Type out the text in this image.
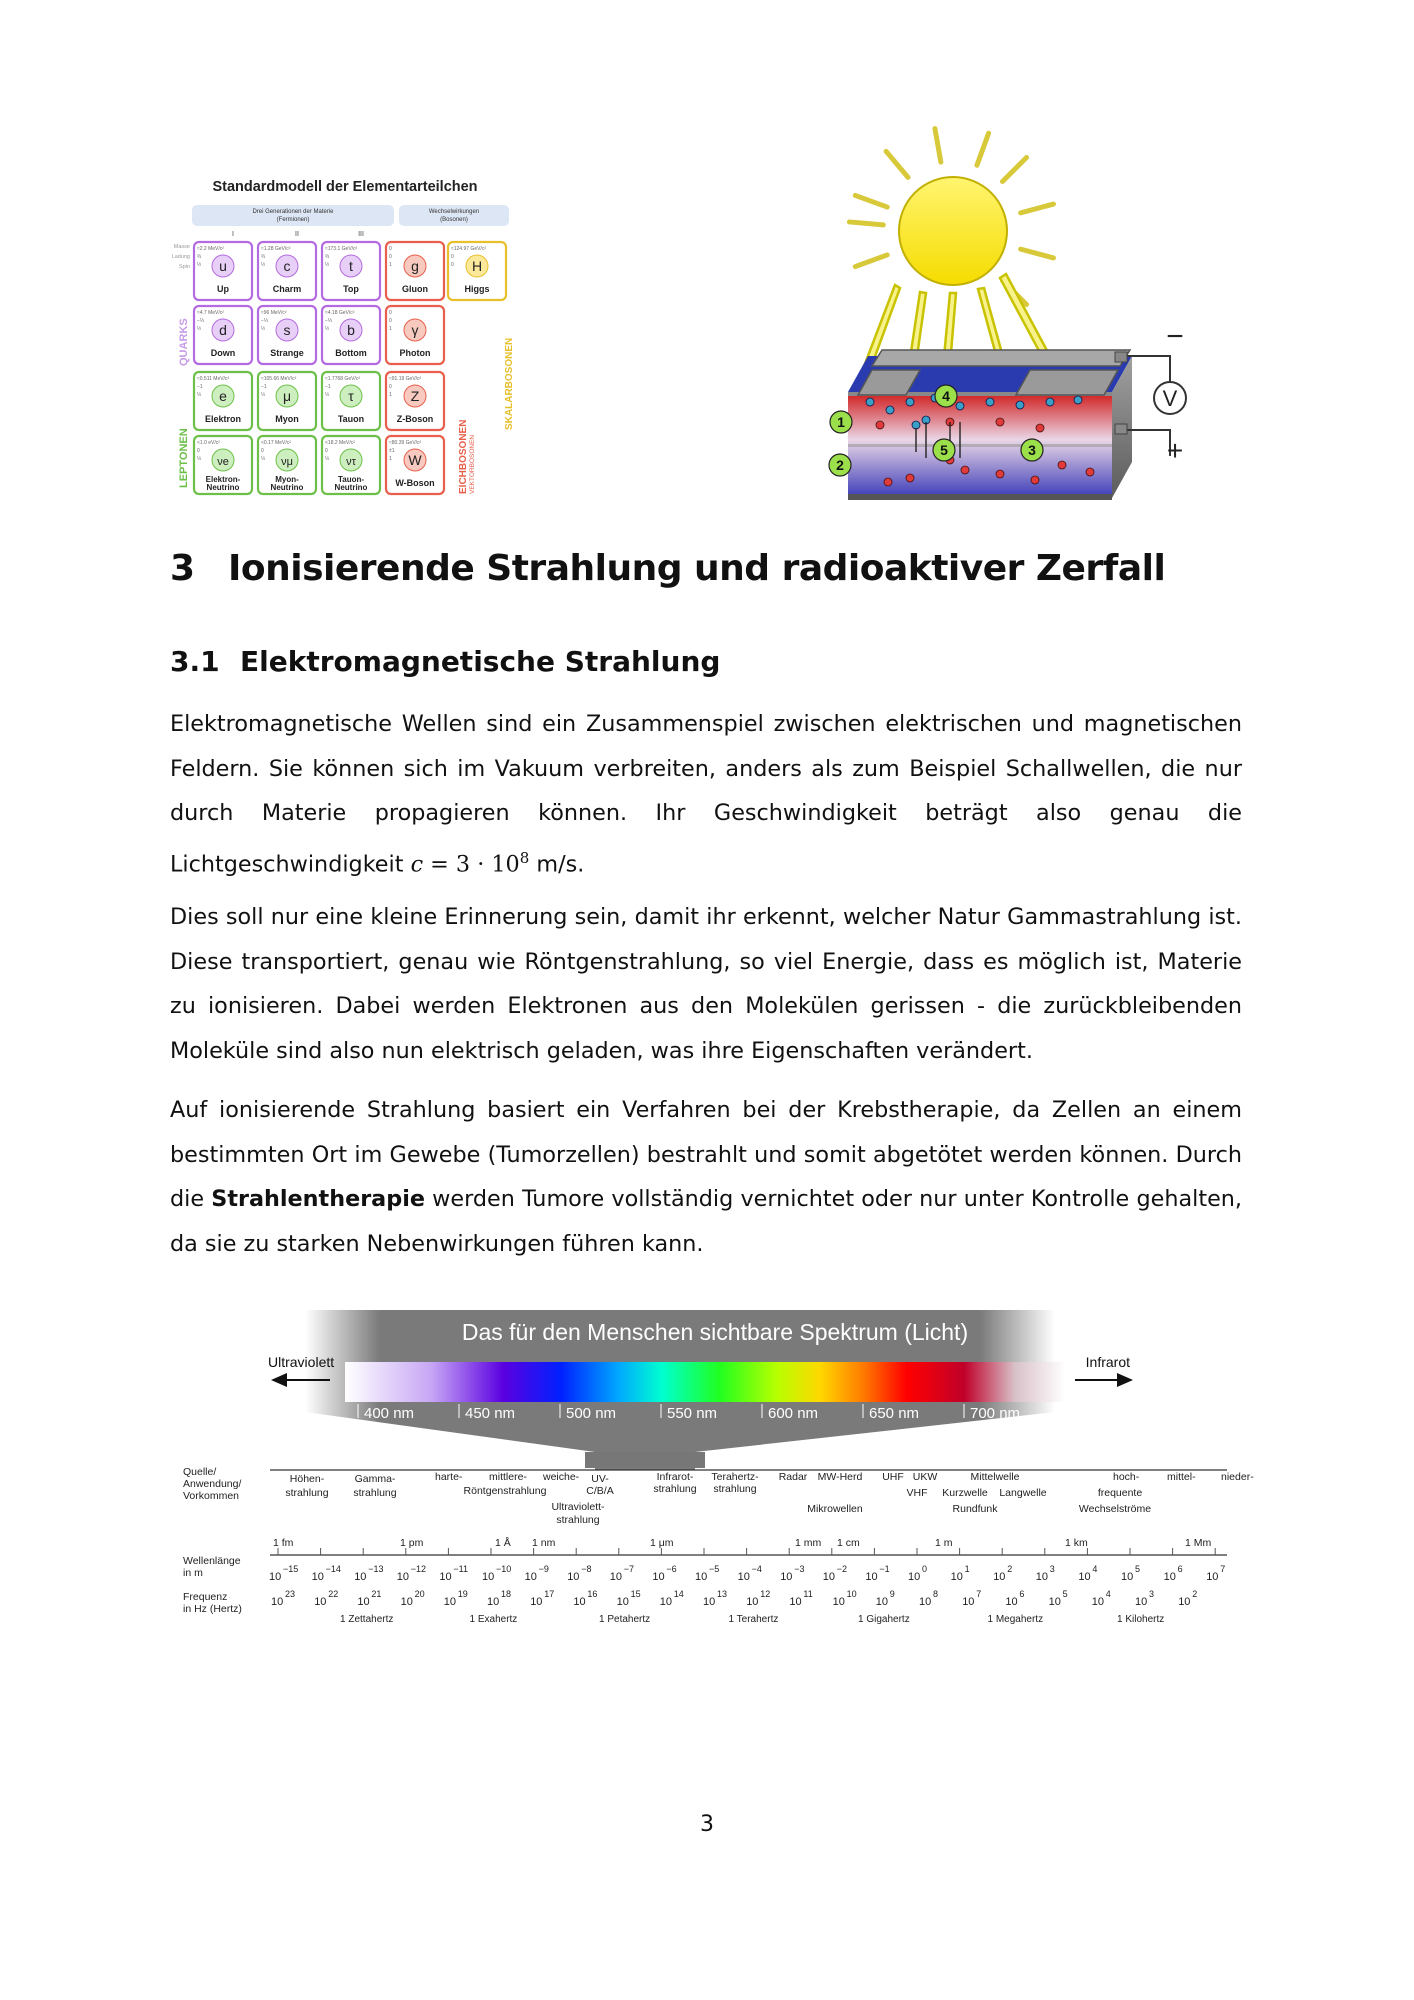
Standardmodell der Elementarteilchen
Drei Generationen der Materie
(Fermionen)
Wechselwirkungen
(Bosonen)
I	II	III
Masse
Ladung
Spin
≈2.2 MeV/c²
⅔
½ u
Up
≈1.28 GeV/c²
⅔
½ c
Charm
≈173.1 GeV/c²
⅔
½ t
Top
0
0
1 g
Gluon
≈124.97 GeV/c²
0
0 H
Higgs
≈4.7 MeV/c²
−⅓
½ d
Down
≈96 MeV/c²
−⅓
½ s
Strange
≈4.18 GeV/c²
−⅓
½ b
Bottom
0
0
1 γ
Photon
≈0.511 MeV/c²
−1
½ e
Elektron
≈105.66 MeV/c²
−1
½ μ
Myon
≈1.7768 GeV/c²
−1
½ τ
Tauon
≈91.19 GeV/c²
0
1 Z
Z-Boson
<1.0 eV/c²
0
½ νe
Elektron-
Neutrino
<0.17 MeV/c²
0
½ νμ
Myon-
Neutrino
<18.2 MeV/c²
0
½ ντ
Tauon-
Neutrino
≈80.39 GeV/c²
±1
1 W
W-Boson
QUARKS
LEPTONEN	EICHBOSONEN VEKTORBOSONEN
SKALARBOSONEN	V
−
+
1
2
3
4
5
3 Ionisierende Strahlung und radioaktiver Zerfall
3.1 Elektromagnetische Strahlung

Elektromagnetische Wellen sind ein Zusammenspiel zwischen elektrischen und magnetischen Feldern. Sie können sich im Vakuum verbreiten, anders als zum Beispiel Schallwellen, die nur durch Materie propagieren können. Ihr Geschwindigkeit beträgt also genau die Lichtgeschwindigkeit $c = 3 \cdot 10^8$ m/s.

Dies soll nur eine kleine Erinnerung sein, damit ihr erkennt, welcher Natur Gammastrahlung ist. Diese transportiert, genau wie Röntgenstrahlung, so viel Energie, dass es möglich ist, Materie zu ionisieren. Dabei werden Elektronen aus den Molekülen gerissen - die zurückbleibenden Moleküle sind also nun elektrisch geladen, was ihre Eigenschaften verändert.

Auf ionisierende Strahlung basiert ein Verfahren bei der Krebstherapie, da Zellen an einem bestimmten Ort im Gewebe (Tumorzellen) bestrahlt und somit abgetötet werden können. Durch die Strahlentherapie werden Tumore vollständig vernichtet oder nur unter Kontrolle gehalten, da sie zu starken Nebenwirkungen führen kann.

Das für den Menschen sichtbare Spektrum (Licht)
Ultraviolett	Infrarot
400 nm	450 nm	500 nm	550 nm	600 nm	650 nm	700 nm
Quelle/
Anwendung/
Vorkommen
Wellenlänge
in m
Frequenz
in Hz (Hertz)
Höhen-
strahlung
Gamma-
strahlung
harte-	mittlere- weiche-
Röntgenstrahlung
UV-
C/B/A
Ultraviolett-
strahlung
Infrarot-
strahlung
Terahertz-
strahlung
Radar MW-Herd UHF UKW
VHF
Mikrowellen
Mittelwelle
Kurzwelle Langwelle
Rundfunk
hoch-	mittel- nieder-
frequente
Wechselströme
1 fm	1 pm	1 Å 1 nm	1 μm	1 mm 1 cm	1 m	1 km	1 Mm
10
−15
10
−14
10
−13
10
−12
10
−11
10
−10
10
−9
10
−8
10
−7
10
−6
10
−5
10
−4
10
−3
10
−2
10
−1
10
0
10
1
10
2
10
3
10
4
10
5
10
6
10
7
10
23
10
22
10
21
10
20
10
19
10
18
10
17
10
16
10
15
10
14
10
13
10
12
10
11
10
10
10
9
10
8
10
7
10
6
10
5
10
4
10
3
10
2
1 Zettahertz	1 Exahertz	1 Petahertz	1 Terahertz	1 Gigahertz	1 Megahertz	1 Kilohertz
3
